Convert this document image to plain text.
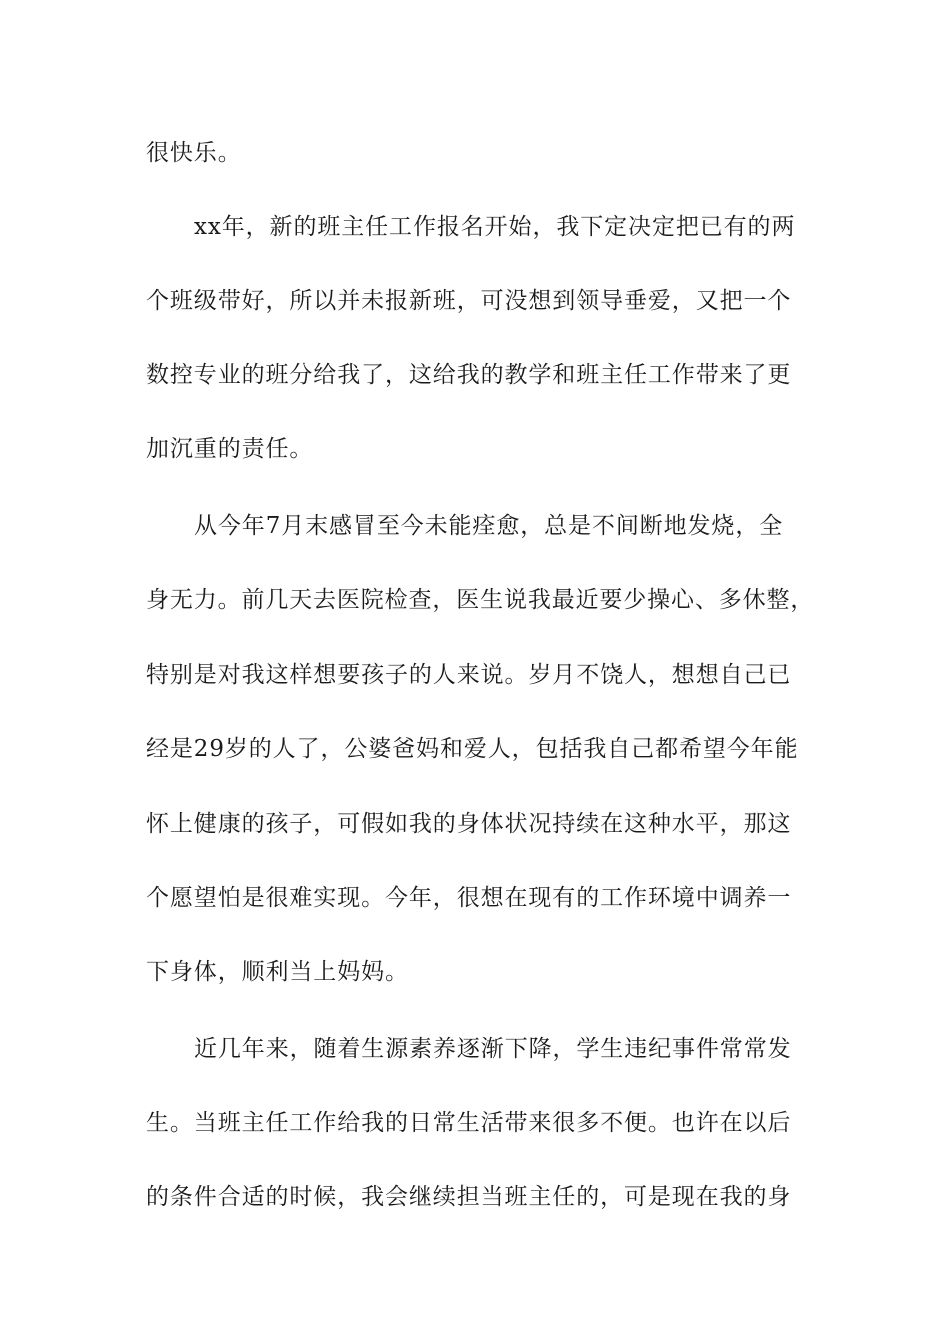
很快乐。
xx年，新的班主任工作报名开始，我下定决定把已有的两
个班级带好，所以并未报新班，可没想到领导垂爱，又把一个
数控专业的班分给我了，这给我的教学和班主任工作带来了更
加沉重的责任。
从今年7月末感冒至今未能痊愈，总是不间断地发烧，全
身无力。前几天去医院检查，医生说我最近要少操心、多休整，
特别是对我这样想要孩子的人来说。岁月不饶人，想想自己已
经是29岁的人了，公婆爸妈和爱人，包括我自己都希望今年能
怀上健康的孩子，可假如我的身体状况持续在这种水平，那这
个愿望怕是很难实现。今年，很想在现有的工作环境中调养一
下身体，顺利当上妈妈。
近几年来，随着生源素养逐渐下降，学生违纪事件常常发
生。当班主任工作给我的日常生活带来很多不便。也许在以后
的条件合适的时候，我会继续担当班主任的，可是现在我的身
